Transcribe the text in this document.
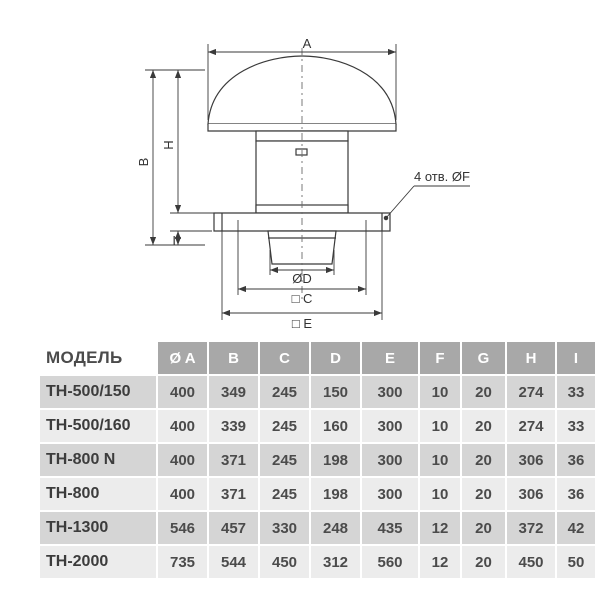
A
B
H
I
ØD
□ C
□ E
4 отв. ØF
МОДЕЛЬ	Ø A	B	C	D	E	F	G	H	I
TH-500/150	400	349	245	150	300	10	20	274	33
TH-500/160	400	339	245	160	300	10	20	274	33
TH-800 N	400	371	245	198	300	10	20	306	36
TH-800	400	371	245	198	300	10	20	306	36
TH-1300	546	457	330	248	435	12	20	372	42
TH-2000	735	544	450	312	560	12	20	450	50
